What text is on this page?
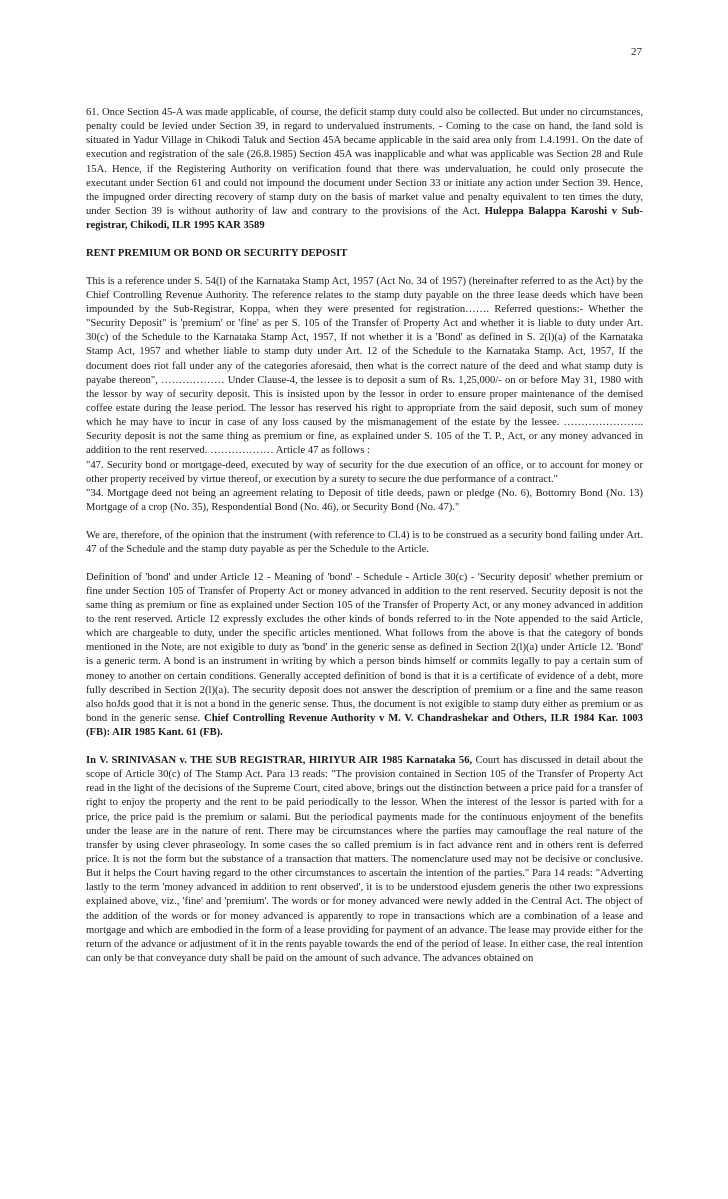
27

61. Once Section 45-A was made applicable, of course, the deficit stamp duty could also be collected. But under no circumstances, penalty could be levied under Section 39, in regard to undervalued instruments. - Coming to the case on hand, the land sold is situated in Yadur Village in Chikodi Taluk and Section 45A became applicable in the said area only from 1.4.1991. On the date of execution and registration of the sale (26.8.1985) Section 45A was inapplicable and what was applicable was Section 28 and Rule 15A. Hence, if the Registering Authority on verification found that there was undervaluation, he could only prosecute the executant under Section 61 and could not impound the document under Section 33 or initiate any action under Section 39. Hence, the impugned order directing recovery of stamp duty on the basis of market value and penalty equivalent to ten times the duty, under Section 39 is without authority of law and contrary to the provisions of the Act. Huleppa Balappa Karoshi v Sub-registrar, Chikodi, ILR 1995 KAR 3589

RENT PREMIUM OR BOND OR SECURITY DEPOSIT

This is a reference under S. 54(l) of the Karnataka Stamp Act, 1957 (Act No. 34 of 1957) (hereinafter referred to as the Act) by the Chief Controlling Revenue Authority. The reference relates to the stamp duty payable on the three lease deeds which have been impounded by the Sub-Registrar, Koppa, when they were presented for registration……. Referred questions:- Whether the "Security Deposit" is 'premium' or 'fine' as per S. 105 of the Transfer of Property Act and whether it is liable to duty under Art. 30(c) of the Schedule to the Karnataka Stamp Act, 1957, If not whether it is a 'Bond' as defined in S. 2(l)(a) of the Karnataka Stamp Act, 1957 and whether liable to stamp duty under Art. 12 of the Schedule to the Karnataka Stamp. Act, 1957, If the document does riot fall under any of the categories aforesaid, then what is the correct nature of the deed and what stamp duty is payabe thereon", ……………… Under Clause-4, the lessee is to deposit a sum of Rs. 1,25,000/- on or before May 31, 1980 with the lessor by way of security deposit. This is insisted upon by the lessor in order to ensure proper maintenance of the demised coffee estate during the lease period. The lessor has reserved his right to appropriate from the said deposit, such sum of money which he may have to incur in case of any loss caused by the mismanagement of the estate by the lessee. ………………….. Security deposit is not the same thing as premium or fine, as explained under S. 105 of the T. P., Act, or any money advanced in addition to the rent reserved. ……………… Article 47 as follows :

"47. Security bond or mortgage-deed, executed by way of security for the due execution of an office, or to account for money or other property received by virtue thereof, or execution by a surety to secure the due performance of a contract."

"34. Mortgage deed not being an agreement relating to Deposit of title deeds, pawn or pledge (No. 6), Bottomry Bond (No. 13) Mortgage of a crop (No. 35), Respondential Bond (No. 46), or Security Bond (No. 47)."

We are, therefore, of the opinion that the instrument (with reference to Cl.4) is to be construed as a security bond failing under Art. 47 of the Schedule and the stamp duty payable as per the Schedule to the Article.

Definition of 'bond' and under Article 12 - Meaning of 'bond' - Schedule - Article 30(c) - 'Security deposit' whether premium or fine under Section 105 of Transfer of Property Act or money advanced in addition to the rent reserved. Security deposit is not the same thing as premium or fine as explained under Section 105 of the Transfer of Property Act, or any money advanced in addition to the rent reserved. Article 12 expressly excludes the other kinds of bonds referred to in the Note appended to the said Article, which are chargeable to duty, under the specific articles mentioned. What follows from the above is that the category of bonds mentioned in the Note, are not exigible to duty as 'bond' in the generic sense as defined in Section 2(l)(a) under Article 12. 'Bond' is a generic term. A bond is an instrument in writing by which a person binds himself or commits legally to pay a certain sum of money to another on certain conditions. Generally accepted definition of bond is that it is a certificate of evidence of a debt, more fully described in Section 2(l)(a). The security deposit does not answer the description of premium or a fine and the same reason also hoJds good that it is not a bond in the generic sense. Thus, the document is not exigible to stamp duty either as premium or as bond in the generic sense. Chief Controlling Revenue Authority v M. V. Chandrashekar and Others, ILR 1984 Kar. 1003 (FB): AIR 1985 Kant. 61 (FB).

In V. SRINIVASAN v. THE SUB REGISTRAR, HIRIYUR AIR 1985 Karnataka 56, Court has discussed in detail about the scope of Article 30(c) of The Stamp Act. Para 13 reads: "The provision contained in Section 105 of the Transfer of Property Act read in the light of the decisions of the Supreme Court, cited above, brings out the distinction between a price paid for a transfer of right to enjoy the property and the rent to be paid periodically to the lessor. When the interest of the lessor is parted with for a price, the price paid is the premium or salami. But the periodical payments made for the continuous enjoyment of the benefits under the lease are in the nature of rent. There may be circumstances where the parties may camouflage the real nature of the transfer by using clever phraseology. In some cases the so called premium is in fact advance rent and in others rent is deferred price. It is not the form but the substance of a transaction that matters. The nomenclature used may not be decisive or conclusive. But it helps the Court having regard to the other circumstances to ascertain the intention of the parties." Para 14 reads: "Adverting lastly to the term 'money advanced in addition to rent observed', it is to be understood ejusdem generis the other two expressions explained above, viz., 'fine' and 'premium'. The words or for money advanced were newly added in the Central Act. The object of the addition of the words or for money advanced is apparently to rope in transactions which are a combination of a lease and mortgage and which are embodied in the form of a lease providing for payment of an advance. The lease may provide either for the return of the advance or adjustment of it in the rents payable towards the end of the period of lease. In either case, the real intention can only be that conveyance duty shall be paid on the amount of such advance. The advances obtained on
